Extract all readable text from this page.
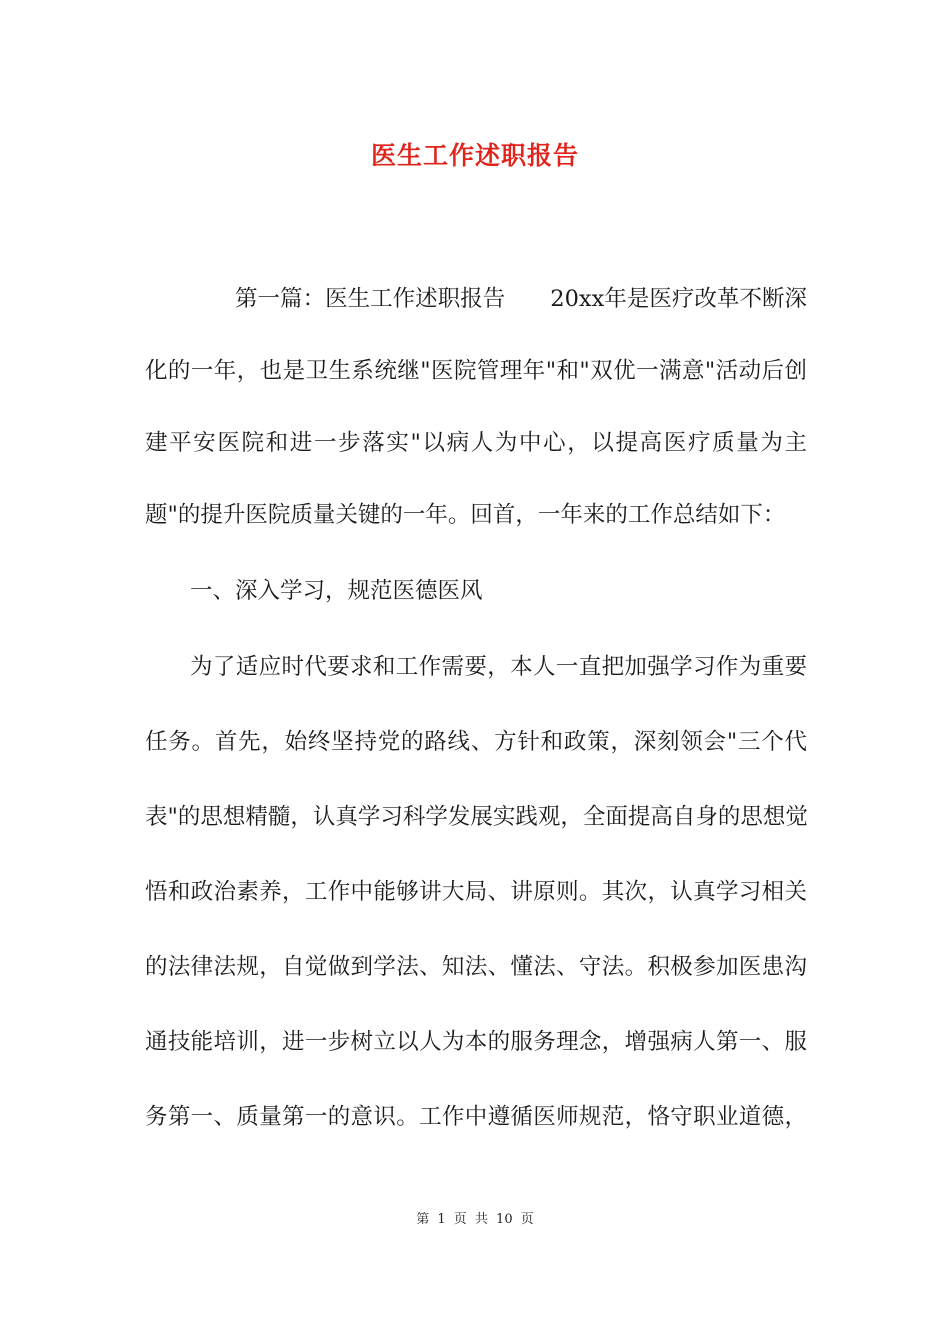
医生工作述职报告
第一篇：医生工作述职报告　　20xx年是医疗改革不断深
化的一年，也是卫生系统继"医院管理年"和"双优一满意"活动后创
建平安医院和进一步落实"以病人为中心，以提高医疗质量为主
题"的提升医院质量关键的一年。回首，一年来的工作总结如下：
一、深入学习，规范医德医风
为了适应时代要求和工作需要，本人一直把加强学习作为重要
任务。首先，始终坚持党的路线、方针和政策，深刻领会"三个代
表"的思想精髓，认真学习科学发展实践观，全面提高自身的思想觉
悟和政治素养，工作中能够讲大局、讲原则。其次，认真学习相关
的法律法规，自觉做到学法、知法、懂法、守法。积极参加医患沟
通技能培训，进一步树立以人为本的服务理念，增强病人第一、服
务第一、质量第一的意识。工作中遵循医师规范，恪守职业道德，
第 1 页 共 10 页
